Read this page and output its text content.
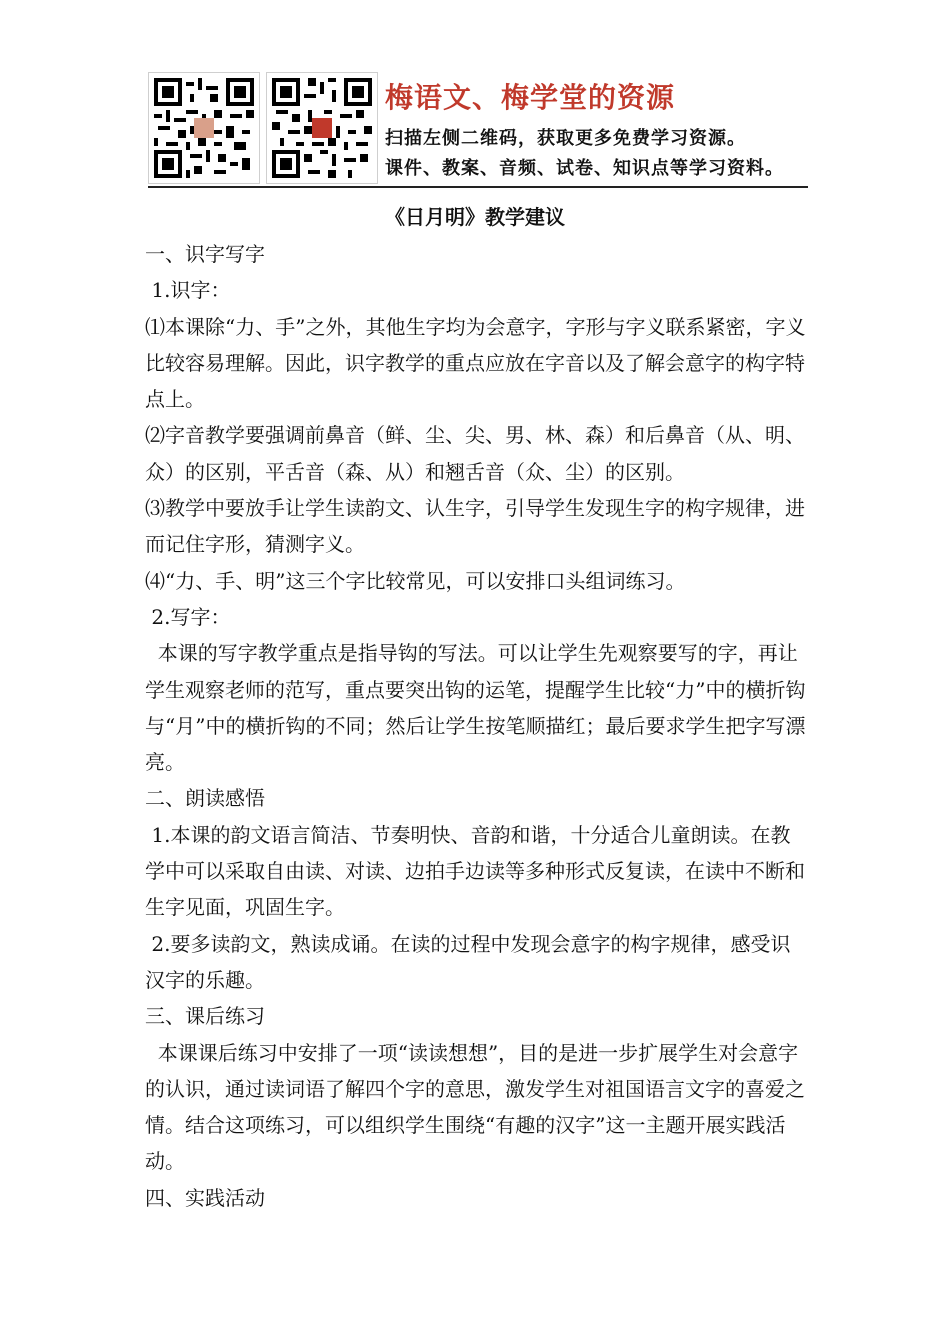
梅语文、梅学堂的资源
扫描左侧二维码，获取更多免费学习资源。
课件、教案、音频、试卷、知识点等学习资料。
《日月明》教学建议

一、识字写字

1.识字：

⑴本课除“力、手”之外，其他生字均为会意字，字形与字义联系紧密，字义比较容易理解。因此，识字教学的重点应放在字音以及了解会意字的构字特点上。

⑵字音教学要强调前鼻音（鲜、尘、尖、男、林、森）和后鼻音（从、明、众）的区别，平舌音（森、从）和翘舌音（众、尘）的区别。

⑶教学中要放手让学生读韵文、认生字，引导学生发现生字的构字规律，进而记住字形，猜测字义。

⑷“力、手、明”这三个字比较常见，可以安排口头组词练习。

2.写字：

本课的写字教学重点是指导钩的写法。可以让学生先观察要写的字，再让学生观察老师的范写，重点要突出钩的运笔，提醒学生比较“力”中的横折钩与“月”中的横折钩的不同；然后让学生按笔顺描红；最后要求学生把字写漂亮。

二、朗读感悟

1.本课的韵文语言简洁、节奏明快、音韵和谐，十分适合儿童朗读。在教学中可以采取自由读、对读、边拍手边读等多种形式反复读，在读中不断和生字见面，巩固生字。

2.要多读韵文，熟读成诵。在读的过程中发现会意字的构字规律，感受识汉字的乐趣。

三、课后练习

本课课后练习中安排了一项“读读想想”，目的是进一步扩展学生对会意字的认识，通过读词语了解四个字的意思，激发学生对祖国语言文字的喜爱之情。结合这项练习，可以组织学生围绕“有趣的汉字”这一主题开展实践活动。

四、实践活动
